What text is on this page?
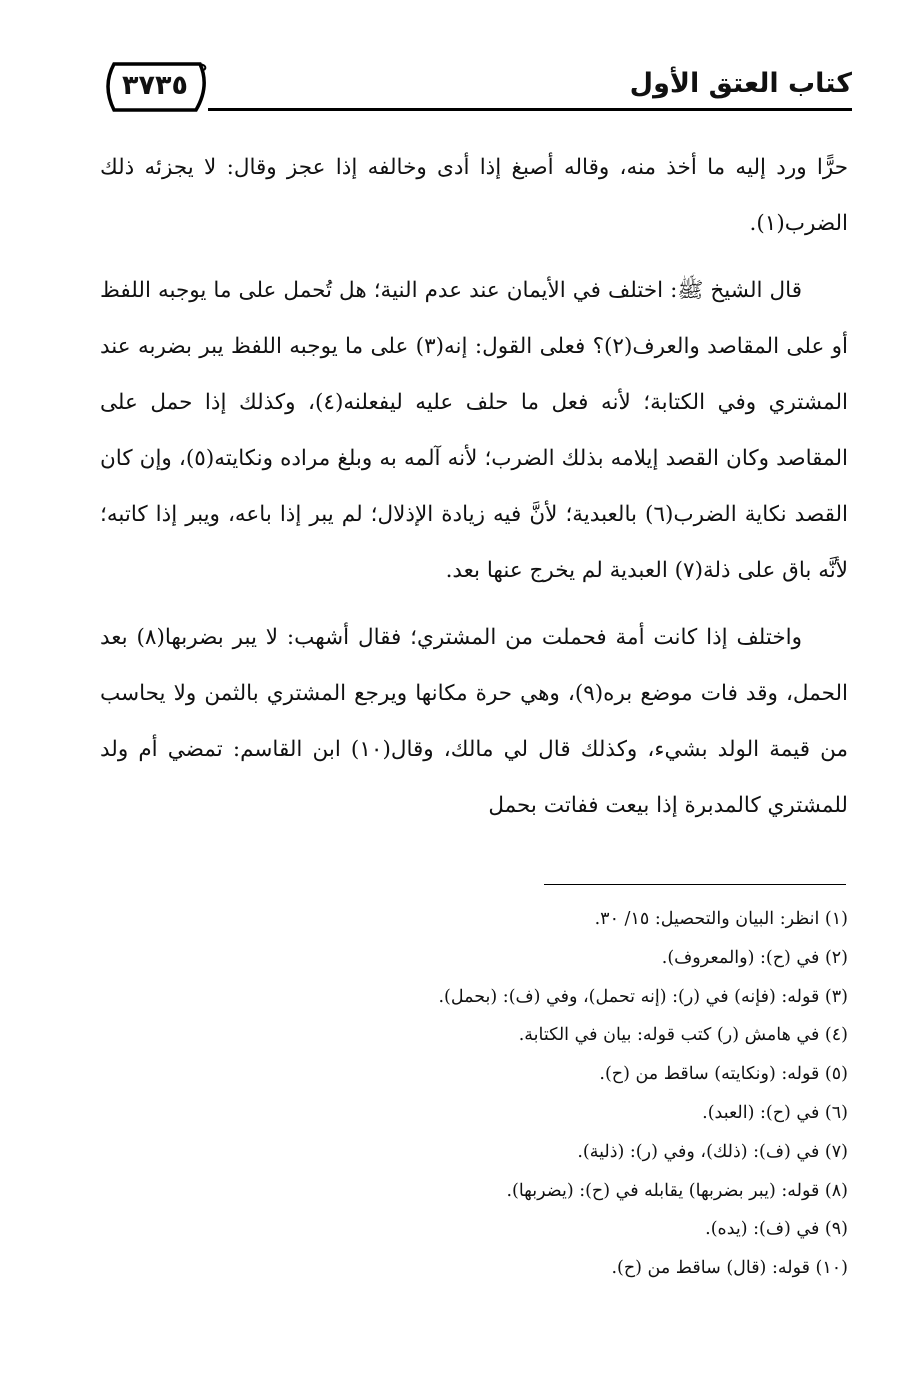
٣٧٣٥	كتاب العتق الأول

حرًّا ورد إليه ما أخذ منه، وقاله أصبغ إذا أدى وخالفه إذا عجز وقال: لا يجزئه ذلك الضرب(١).

قال الشيخ ﷺ: اختلف في الأيمان عند عدم النية؛ هل تُحمل على ما يوجبه اللفظ أو على المقاصد والعرف(٢)؟ فعلى القول: إنه(٣) على ما يوجبه اللفظ يبر بضربه عند المشتري وفي الكتابة؛ لأنه فعل ما حلف عليه ليفعلنه(٤)، وكذلك إذا حمل على المقاصد وكان القصد إيلامه بذلك الضرب؛ لأنه آلمه به وبلغ مراده ونكايته(٥)، وإن كان القصد نكاية الضرب(٦) بالعبدية؛ لأنَّ فيه زيادة الإذلال؛ لم يبر إذا باعه، ويبر إذا كاتبه؛ لأنَّه باق على ذلة(٧) العبدية لم يخرج عنها بعد.

واختلف إذا كانت أمة فحملت من المشتري؛ فقال أشهب: لا يبر بضربها(٨) بعد الحمل، وقد فات موضع بره(٩)، وهي حرة مكانها ويرجع المشتري بالثمن ولا يحاسب من قيمة الولد بشيء، وكذلك قال لي مالك، وقال(١٠) ابن القاسم: تمضي أم ولد للمشتري كالمدبرة إذا بيعت ففاتت بحمل

(١) انظر: البيان والتحصيل: ١٥/ ٣٠.
(٢) في (ح): (والمعروف).
(٣) قوله: (فإنه) في (ر): (إنه تحمل)، وفي (ف): (بحمل).
(٤) في هامش (ر) كتب قوله: بيان في الكتابة.
(٥) قوله: (ونكايته) ساقط من (ح).
(٦) في (ح): (العبد).
(٧) في (ف): (ذلك)، وفي (ر): (ذلية).
(٨) قوله: (يبر بضربها) يقابله في (ح): (يضربها).
(٩) في (ف): (يده).
(١٠) قوله: (قال) ساقط من (ح).
